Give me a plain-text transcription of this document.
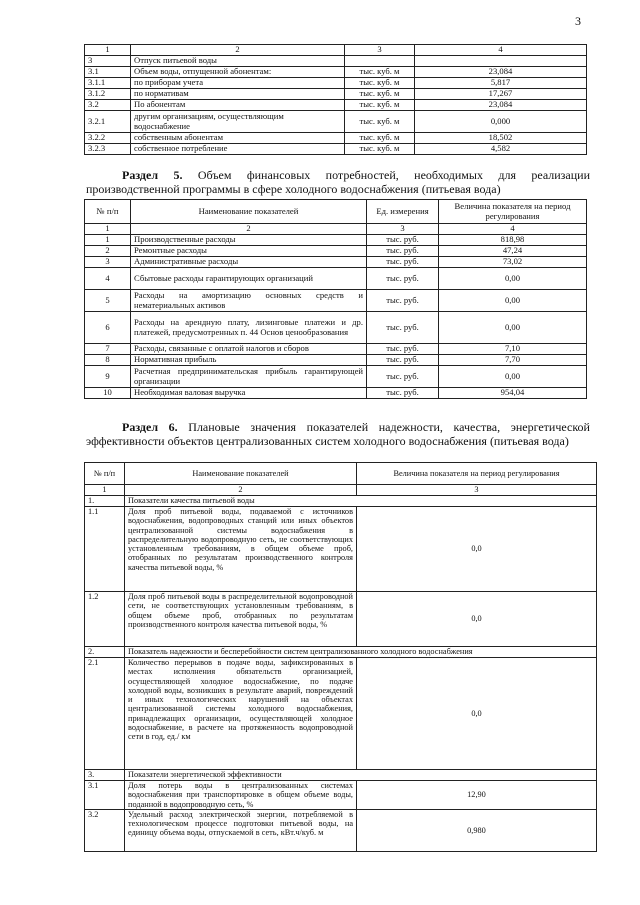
3
1	2	3	4
3	Отпуск питьевой воды		
3.1	Объем воды, отпущенной абонентам:	тыс. куб. м	23,084
3.1.1	по приборам учета	тыс. куб. м	5,817
3.1.2	по нормативам	тыс. куб. м	17,267
3.2	По абонентам	тыс. куб. м	23,084
3.2.1	другим организациям, осуществляющим водоснабжение	тыс. куб. м	0,000
3.2.2	собственным абонентам	тыс. куб. м	18,502
3.2.3	собственное потребление	тыс. куб. м	4,582
Раздел 5. Объем финансовых потребностей, необходимых для реализации производственной программы в сфере холодного водоснабжения (питьевая вода)
№ п/п	Наименование показателей	Ед. измерения	Величина показателя на период регулирования
1	2	3	4
1	Производственные расходы	тыс. руб.	818,98
2	Ремонтные расходы	тыс. руб.	47,24
3	Административные расходы	тыс. руб.	73,02
4	Сбытовые расходы гарантирующих организаций	тыс. руб.	0,00
5	Расходы на амортизацию основных средств и нематериальных активов	тыс. руб.	0,00
6	Расходы на арендную плату, лизинговые платежи и др. платежей, предусмотренных п. 44 Основ ценообразования	тыс. руб.	0,00
7	Расходы, связанные с оплатой налогов и сборов	тыс. руб.	7,10
8	Нормативная прибыль	тыс. руб.	7,70
9	Расчетная предпринимательская прибыль гарантирующей организации	тыс. руб.	0,00
10	Необходимая валовая выручка	тыс. руб.	954,04
Раздел 6. Плановые значения показателей надежности, качества, энергетической эффективности объектов централизованных систем холодного водоснабжения (питьевая вода)
№ п/п	Наименование показателей	Величина показателя на период регулирования
1	2	3
1.	Показатели качества питьевой воды	
1.1	Доля проб питьевой воды, подаваемой с источников водоснабжения, водопроводных станций или иных объектов централизованной системы водоснабжения в распределительную водопроводную сеть, не соответствующих установленным требованиям, в общем объеме проб, отобранных по результатам производственного контроля качества питьевой воды, %	0,0
1.2	Доля проб питьевой воды в распределительной водопроводной сети, не соответствующих установленным требованиям, в общем объеме проб, отобранных по результатам производственного контроля качества питьевой воды, %	0,0
2.	Показатель надежности и бесперебойности систем централизованного холодного водоснабжения	
2.1	Количество перерывов в подаче воды, зафиксированных в местах исполнения обязательств организацией, осуществляющей холодное водоснабжение, по подаче холодной воды, возникших в результате аварий, повреждений и иных технологических нарушений на объектах централизованной системы холодного водоснабжения, принадлежащих организации, осуществляющей холодное водоснабжение, в расчете на протяженность водопроводной сети в год, ед./ км	0,0
3.	Показатели энергетической эффективности	
3.1	Доля потерь воды в централизованных системах водоснабжения при транспортировке в общем объеме воды, поданной в водопроводную сеть, %	12,90
3.2	Удельный расход электрической энергии, потребляемой в технологическом процессе подготовки питьевой воды, на единицу объема воды, отпускаемой в сеть, кВт.ч/куб. м	0,980
